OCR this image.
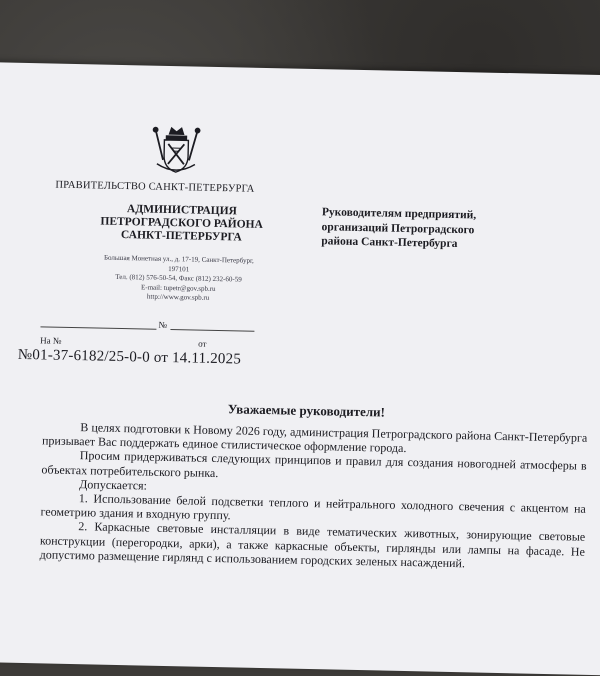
ПРАВИТЕЛЬСТВО САНКТ-ПЕТЕРБУРГА
АДМИНИСТРАЦИЯ
ПЕТРОГРАДСКОГО РАЙОНА
САНКТ-ПЕТЕРБУРГА
Большая Монетная ул., д. 17-19, Санкт-Петербург,
197101
Тел. (812) 576-50-54, Факс (812) 232-60-59
E-mail: tupetr@gov.spb.ru
http://www.gov.spb.ru
№
На №	от
№01-37-6182/25-0-0 от 14.11.2025
Руководителям предприятий,
организаций Петроградского
района Санкт-Петербурга
Уважаемые руководители!

В целях подготовки к Новому 2026 году, администрация Петроградского района Санкт-Петербурга призывает Вас поддержать единое стилистическое оформление города.

Просим придерживаться следующих принципов и правил для создания новогодней атмосферы в объектах потребительского рынка.

Допускается:

1. Использование белой подсветки теплого и нейтрального холодного свечения с акцентом на геометрию здания и входную группу.

2. Каркасные световые инсталляции в виде тематических животных, зонирующие световые конструкции (перегородки, арки), а также каркасные объекты, гирлянды или лампы на фасаде. Не допустимо размещение гирлянд с использованием городских зеленых насаждений.
